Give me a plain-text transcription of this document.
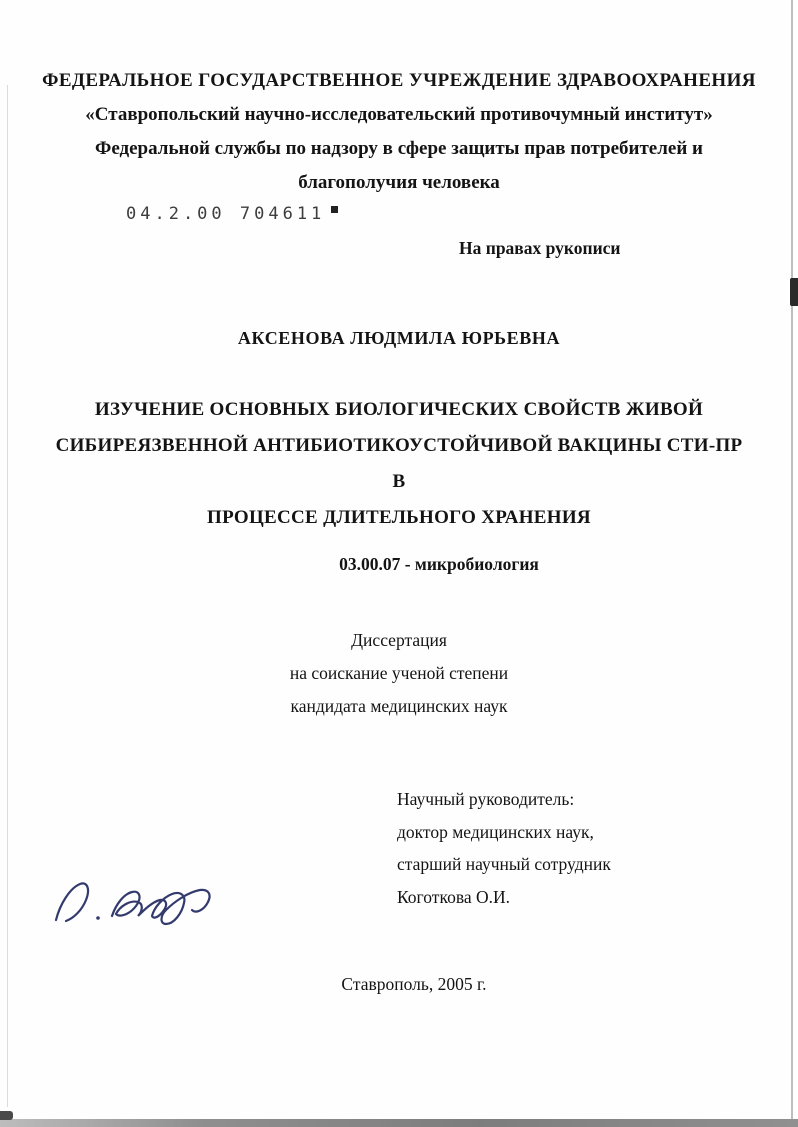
ФЕДЕРАЛЬНОЕ ГОСУДАРСТВЕННОЕ УЧРЕЖДЕНИЕ ЗДРАВООХРАНЕНИЯ
«Ставропольский научно-исследовательский противочумный институт»
Федеральной службы по надзору в сфере защиты прав потребителей и
благополучия человека
04.2.00 704611
На правах рукописи
АКСЕНОВА ЛЮДМИЛА ЮРЬЕВНА
ИЗУЧЕНИЕ ОСНОВНЫХ БИОЛОГИЧЕСКИХ СВОЙСТВ ЖИВОЙ
СИБИРЕЯЗВЕННОЙ АНТИБИОТИКОУСТОЙЧИВОЙ ВАКЦИНЫ СТИ-ПР В
ПРОЦЕССЕ ДЛИТЕЛЬНОГО ХРАНЕНИЯ
03.00.07 - микробиология
Диссертация
на соискание ученой степени
кандидата медицинских наук
Научный руководитель:
доктор медицинских наук,
старший научный сотрудник
Коготкова О.И.
Ставрополь, 2005 г.
